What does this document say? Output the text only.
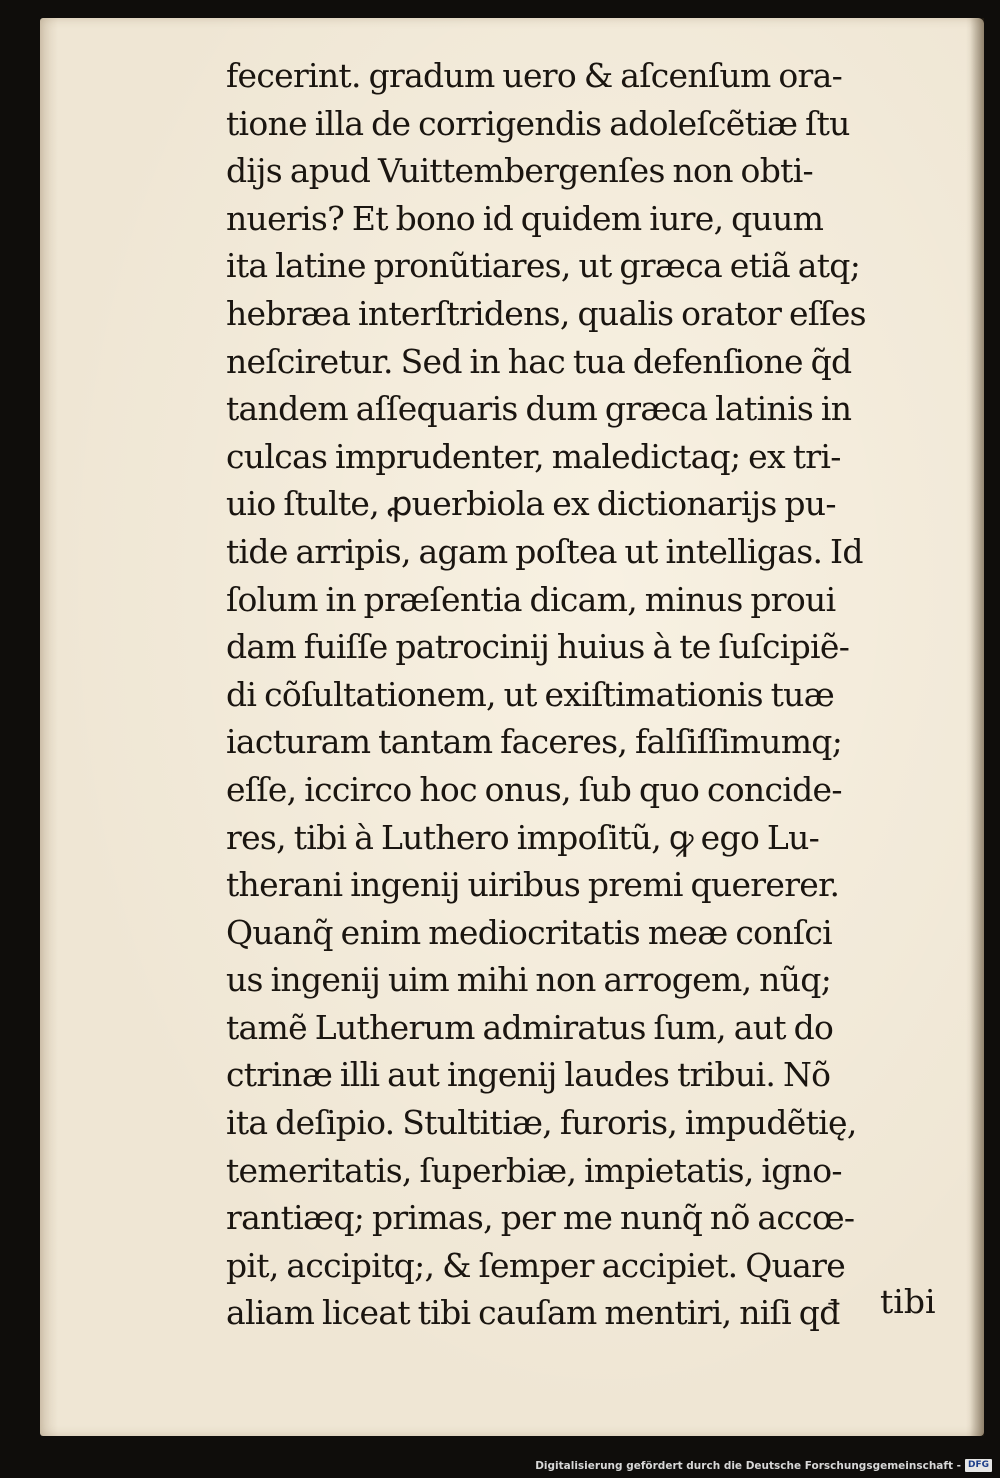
fecerint. gradum uero & aſcenſum ora-
tione illa de corrigendis adoleſcẽtiæ ſtu
dijs apud Vuittembergenſes non obti-
nueris? Et bono id quidem iure, quum
ita latine pronũtiares, ut græca etiã atq;
hebræa interſtridens, qualis orator eſſes
neſciretur. Sed in hac tua defenſione q̃d
tandem aſſequaris dum græca latinis in
culcas imprudenter, maledictaq; ex tri-
uio ſtulte, ꝓuerbiola ex dictionarijs pu-
tide arripis, agam poſtea ut intelligas. Id
ſolum in præſentia dicam, minus proui
dam fuiſſe patrocinij huius à te ſuſcipiẽ-
di cõſultationem, ut exiſtimationis tuæ
iacturam tantam faceres, falſiſſimumq;
eſſe, iccirco hoc onus, ſub quo concide-
res, tibi à Luthero impoſitũ, ꝙ ego Lu-
therani ingenij uiribus premi quererer.
Quanq̃ enim mediocritatis meæ conſci
us ingenij uim mihi non arrogem, nũq;
tamẽ Lutherum admiratus ſum, aut do
ctrinæ illi aut ingenij laudes tribui. Nõ
ita deſipio. Stultitiæ, furoris, impudẽtię,
temeritatis, ſuperbiæ, impietatis, igno-
rantiæq; primas, per me nunq̃ nõ accœ-
pit, accipitq;, & ſemper accipiet. Quare
aliam liceat tibi cauſam mentiri, niſi qđ	tibi

Digitalisierung gefördert durch die Deutsche Forschungsgemeinschaft - DFG
